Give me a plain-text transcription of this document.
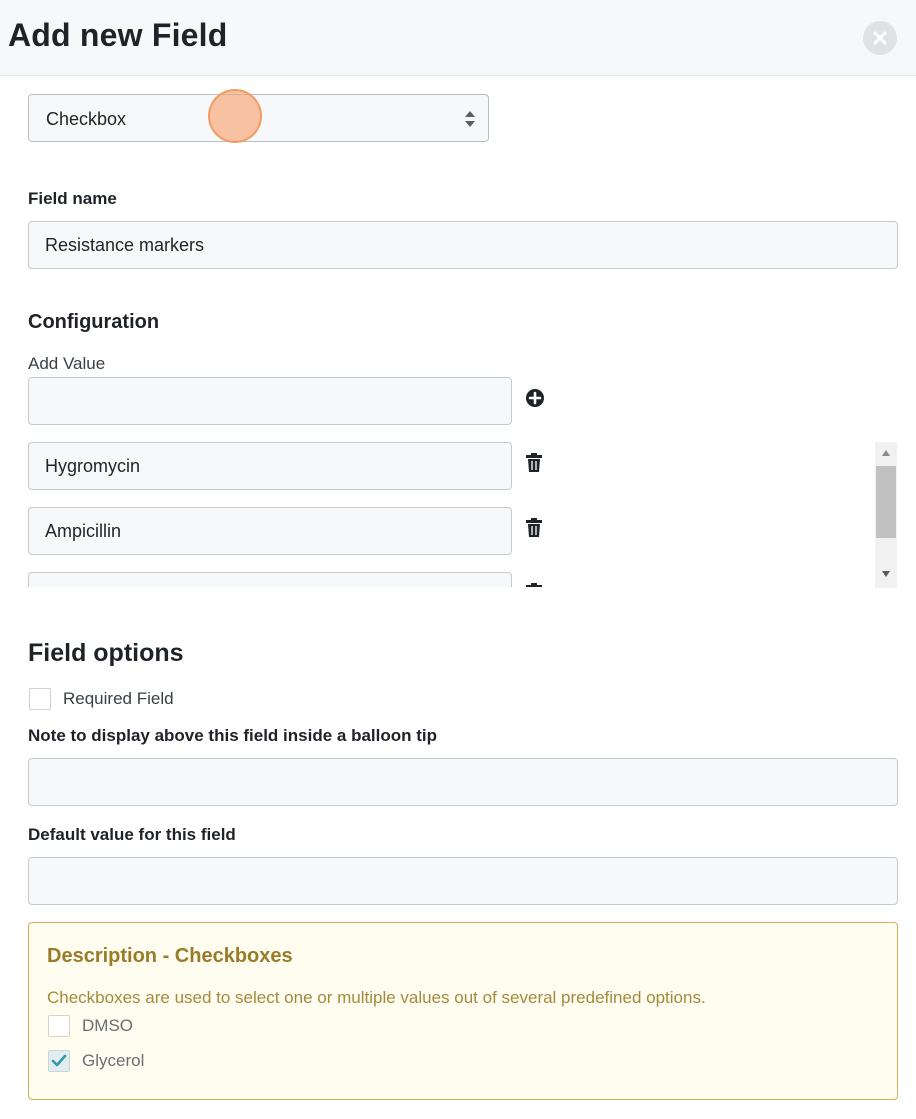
Add new Field
Checkbox
Field name
Resistance markers
Configuration
Add Value
Hygromycin
Ampicillin
Field options
Required Field
Note to display above this field inside a balloon tip
Default value for this field
Description - Checkboxes
Checkboxes are used to select one or multiple values out of several predefined options.
DMSO
Glycerol
